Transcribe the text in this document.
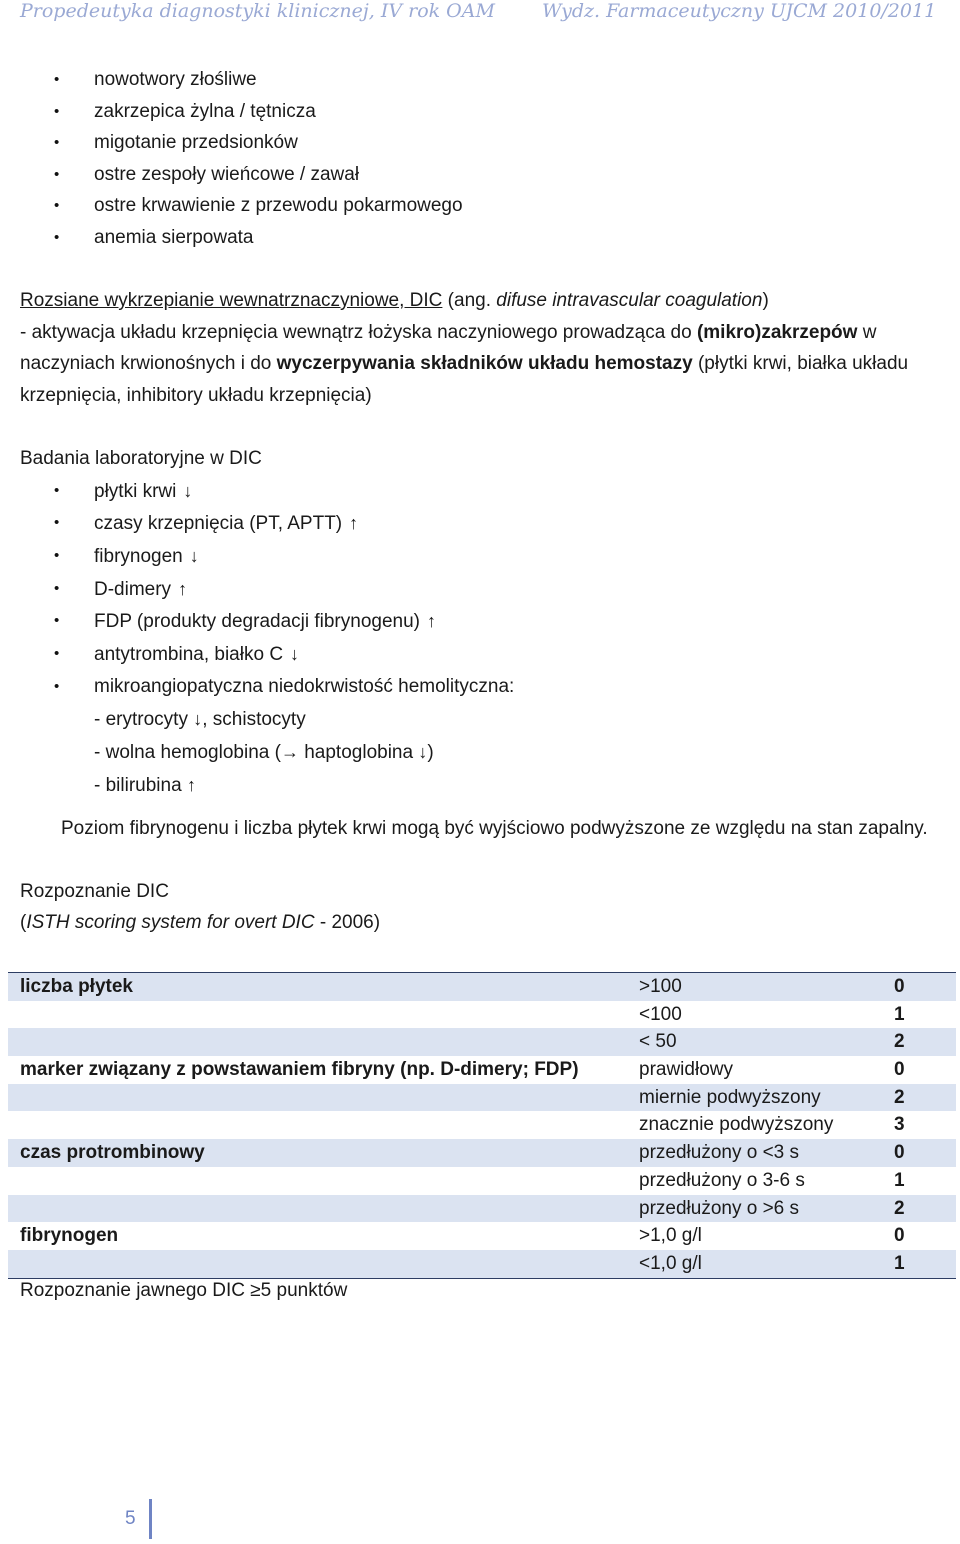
Propedeutyka diagnostyki klinicznej, IV rok OAM Wydz. Farmaceutyczny UJCM 2010/2011
• nowotwory złośliwe
• zakrzepica żylna / tętnicza
• migotanie przedsionków
• ostre zespoły wieńcowe / zawał
• ostre krwawienie z przewodu pokarmowego
• anemia sierpowata
Rozsiane wykrzepianie wewnatrznaczyniowe, DIC (ang. difuse intravascular coagulation)
- aktywacja układu krzepnięcia wewnątrz łożyska naczyniowego prowadząca do (mikro)zakrzepów w naczyniach krwionośnych i do wyczerpywania składników układu hemostazy (płytki krwi, białka układu krzepnięcia, inhibitory układu krzepnięcia)
Badania laboratoryjne w DIC
• płytki krwi ↓
• czasy krzepnięcia (PT, APTT) ↑
• fibrynogen ↓
• D-dimery ↑
• FDP (produkty degradacji fibrynogenu) ↑
• antytrombina, białko C ↓
• mikroangiopatyczna niedokrwistość hemolityczna:
- erytrocyty ↓, schistocyty
- wolna hemoglobina (→ haptoglobina ↓)
- bilirubina ↑
Poziom fibrynogenu i liczba płytek krwi mogą być wyjściowo podwyższone ze względu na stan zapalny.
Rozpoznanie DIC
(ISTH scoring system for overt DIC - 2006)
liczba płytek	>100	0
<100	1
< 50	2
marker związany z powstawaniem fibryny (np. D-dimery; FDP)	prawidłowy	0
miernie podwyższony	2
znacznie podwyższony	3
czas protrombinowy	przedłużony o <3 s	0
przedłużony o 3-6 s	1
przedłużony o >6 s	2
fibrynogen	>1,0 g/l	0
<1,0 g/l	1
Rozpoznanie jawnego DIC ≥5 punktów
5
